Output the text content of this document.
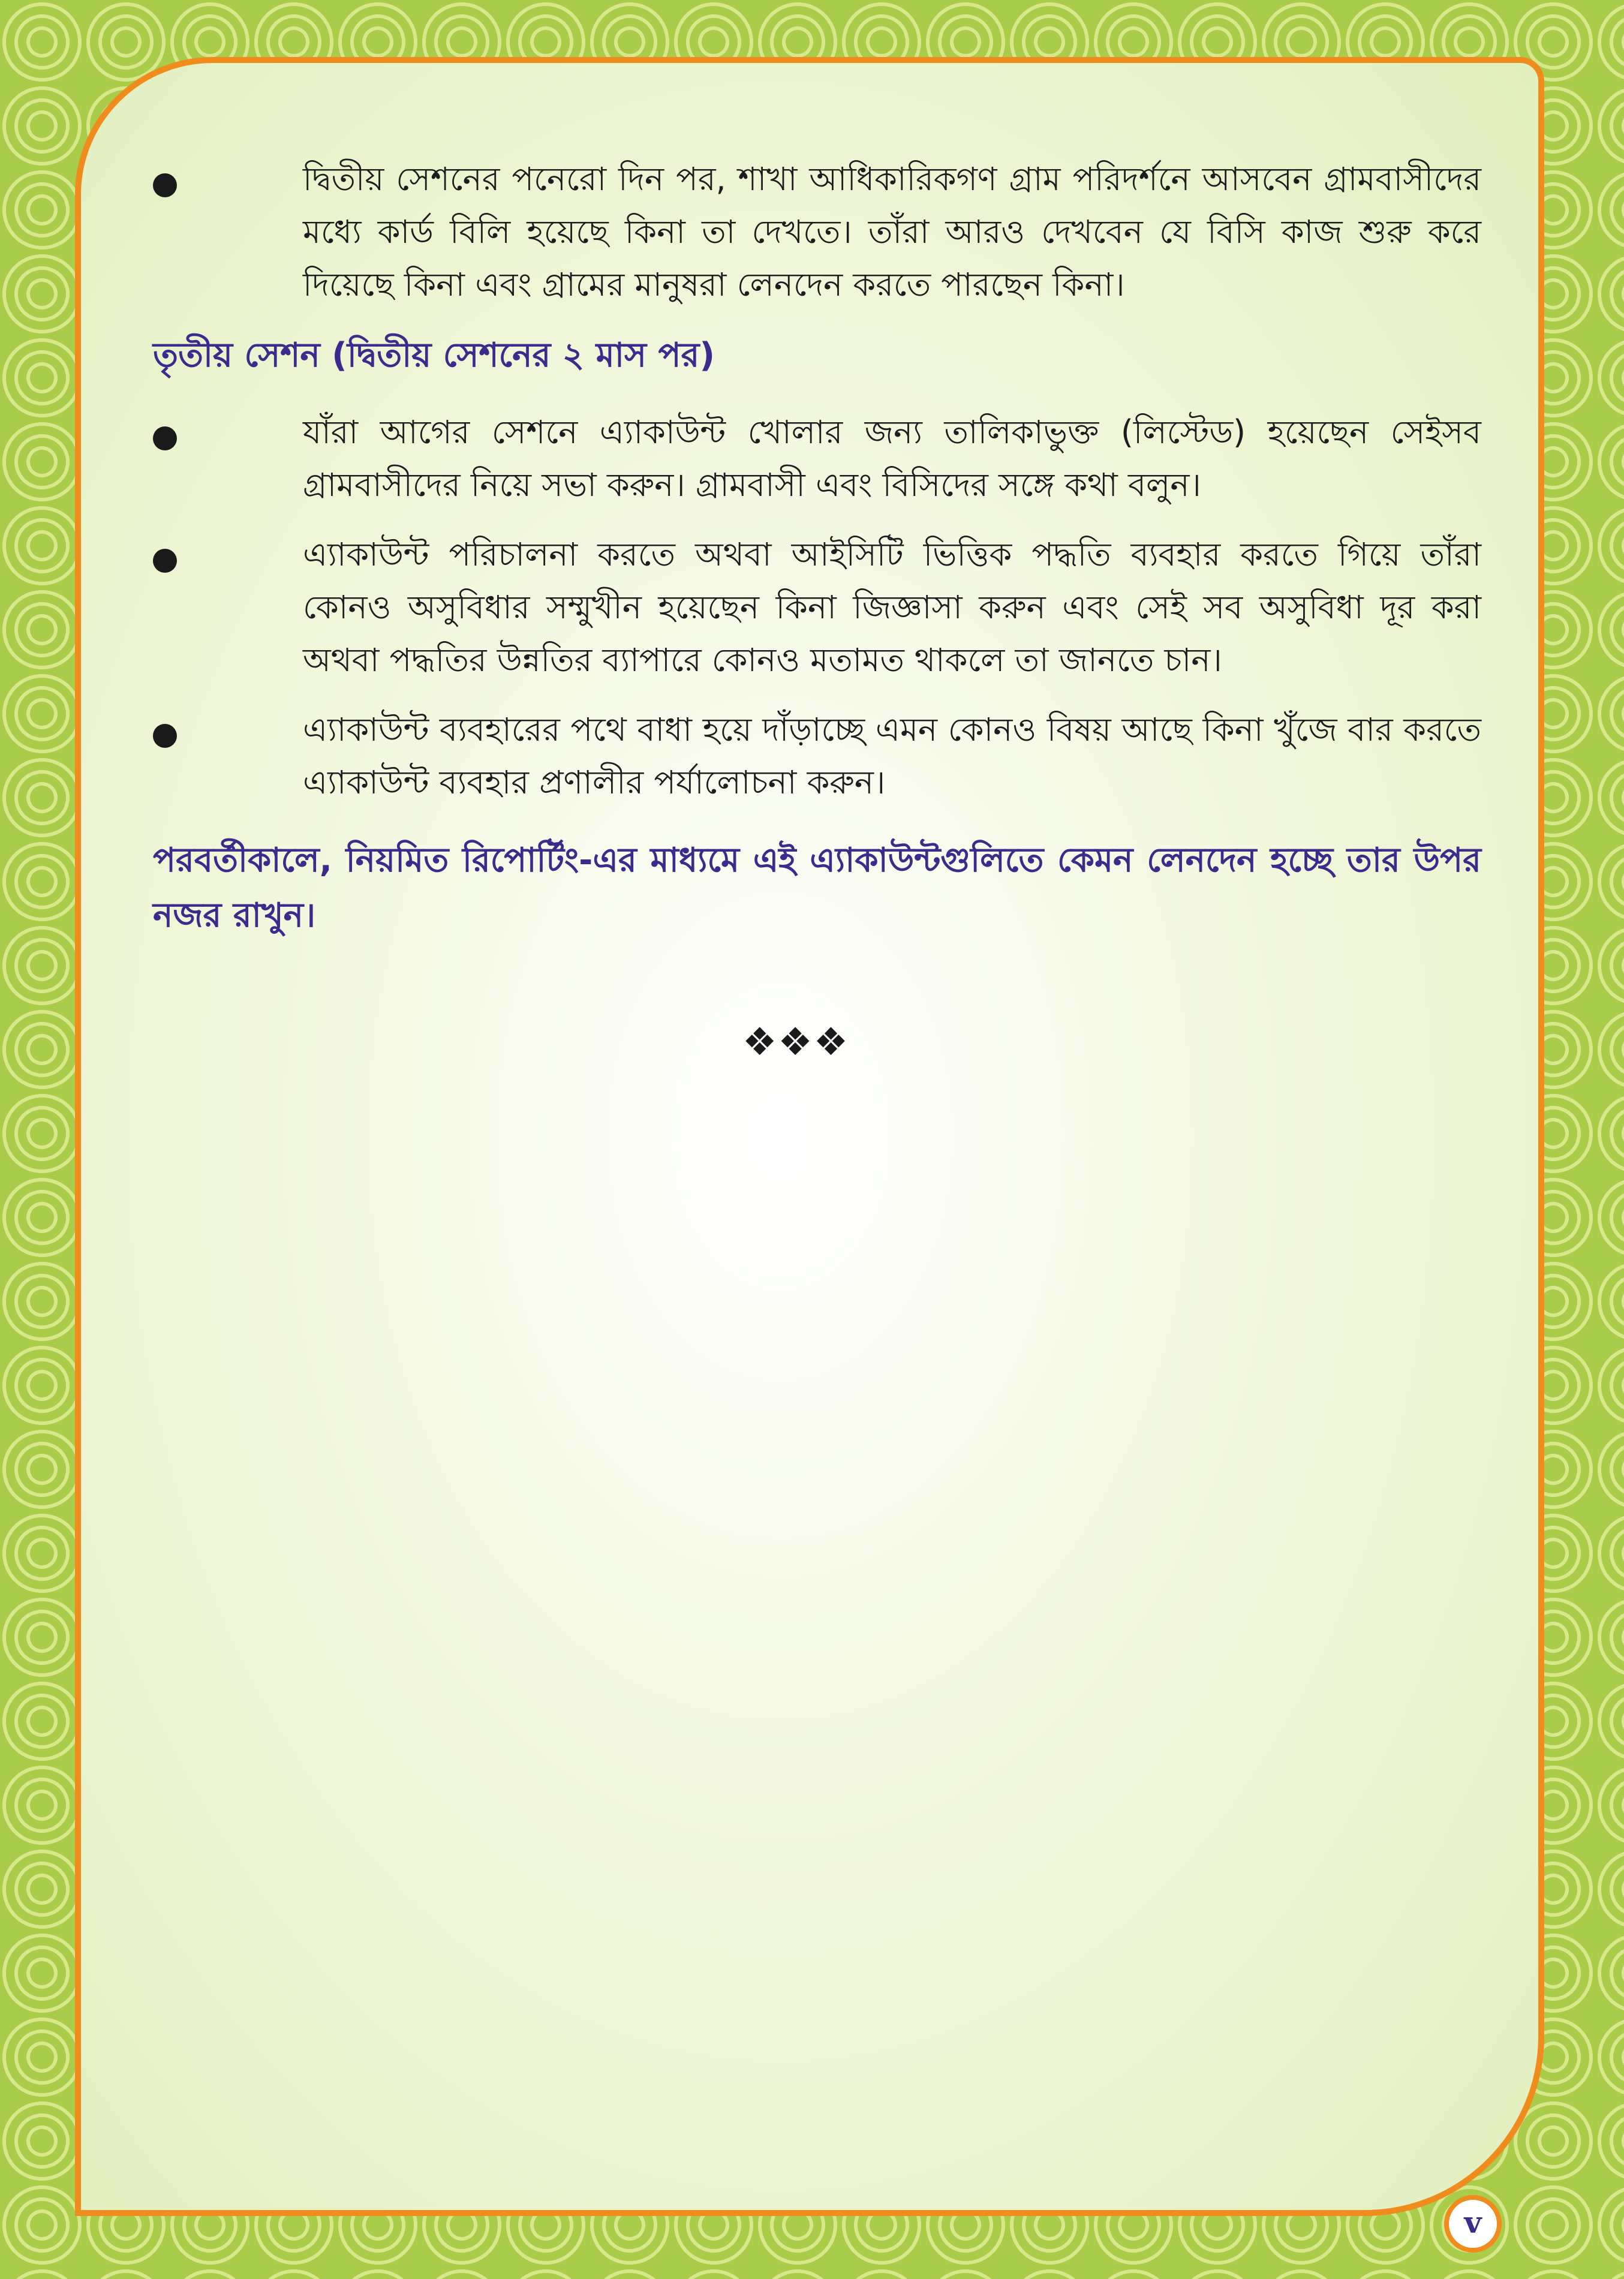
দ্বিতীয় সেশনের পনেরো দিন পর, শাখা আধিকারিকগণ গ্রাম পরিদর্শনে আসবেন গ্রামবাসীদের মধ্যে কার্ড বিলি হয়েছে কিনা তা দেখতে। তাঁরা আরও দেখবেন যে বিসি কাজ শুরু করে দিয়েছে কিনা এবং গ্রামের মানুষরা লেনদেন করতে পারছেন কিনা।
তৃতীয় সেশন (দ্বিতীয় সেশনের ২ মাস পর)
যাঁরা আগের সেশনে এ্যাকাউন্ট খোলার জন্য তালিকাভুক্ত (লিস্টেড) হয়েছেন সেইসব গ্রামবাসীদের নিয়ে সভা করুন। গ্রামবাসী এবং বিসিদের সঙ্গে কথা বলুন।
এ্যাকাউন্ট পরিচালনা করতে অথবা আইসিটি ভিত্তিক পদ্ধতি ব্যবহার করতে গিয়ে তাঁরা কোনও অসুবিধার সম্মুখীন হয়েছেন কিনা জিজ্ঞাসা করুন এবং সেই সব অসুবিধা দূর করা অথবা পদ্ধতির উন্নতির ব্যাপারে কোনও মতামত থাকলে তা জানতে চান।
এ্যাকাউন্ট ব্যবহারের পথে বাধা হয়ে দাঁড়াচ্ছে এমন কোনও বিষয় আছে কিনা খুঁজে বার করতে এ্যাকাউন্ট ব্যবহার প্রণালীর পর্যালোচনা করুন।
পরবর্তীকালে, নিয়মিত রিপোর্টিং-এর মাধ্যমে এই এ্যাকাউন্টগুলিতে কেমন লেনদেন হচ্ছে তার উপর নজর রাখুন।
❖❖❖
v
